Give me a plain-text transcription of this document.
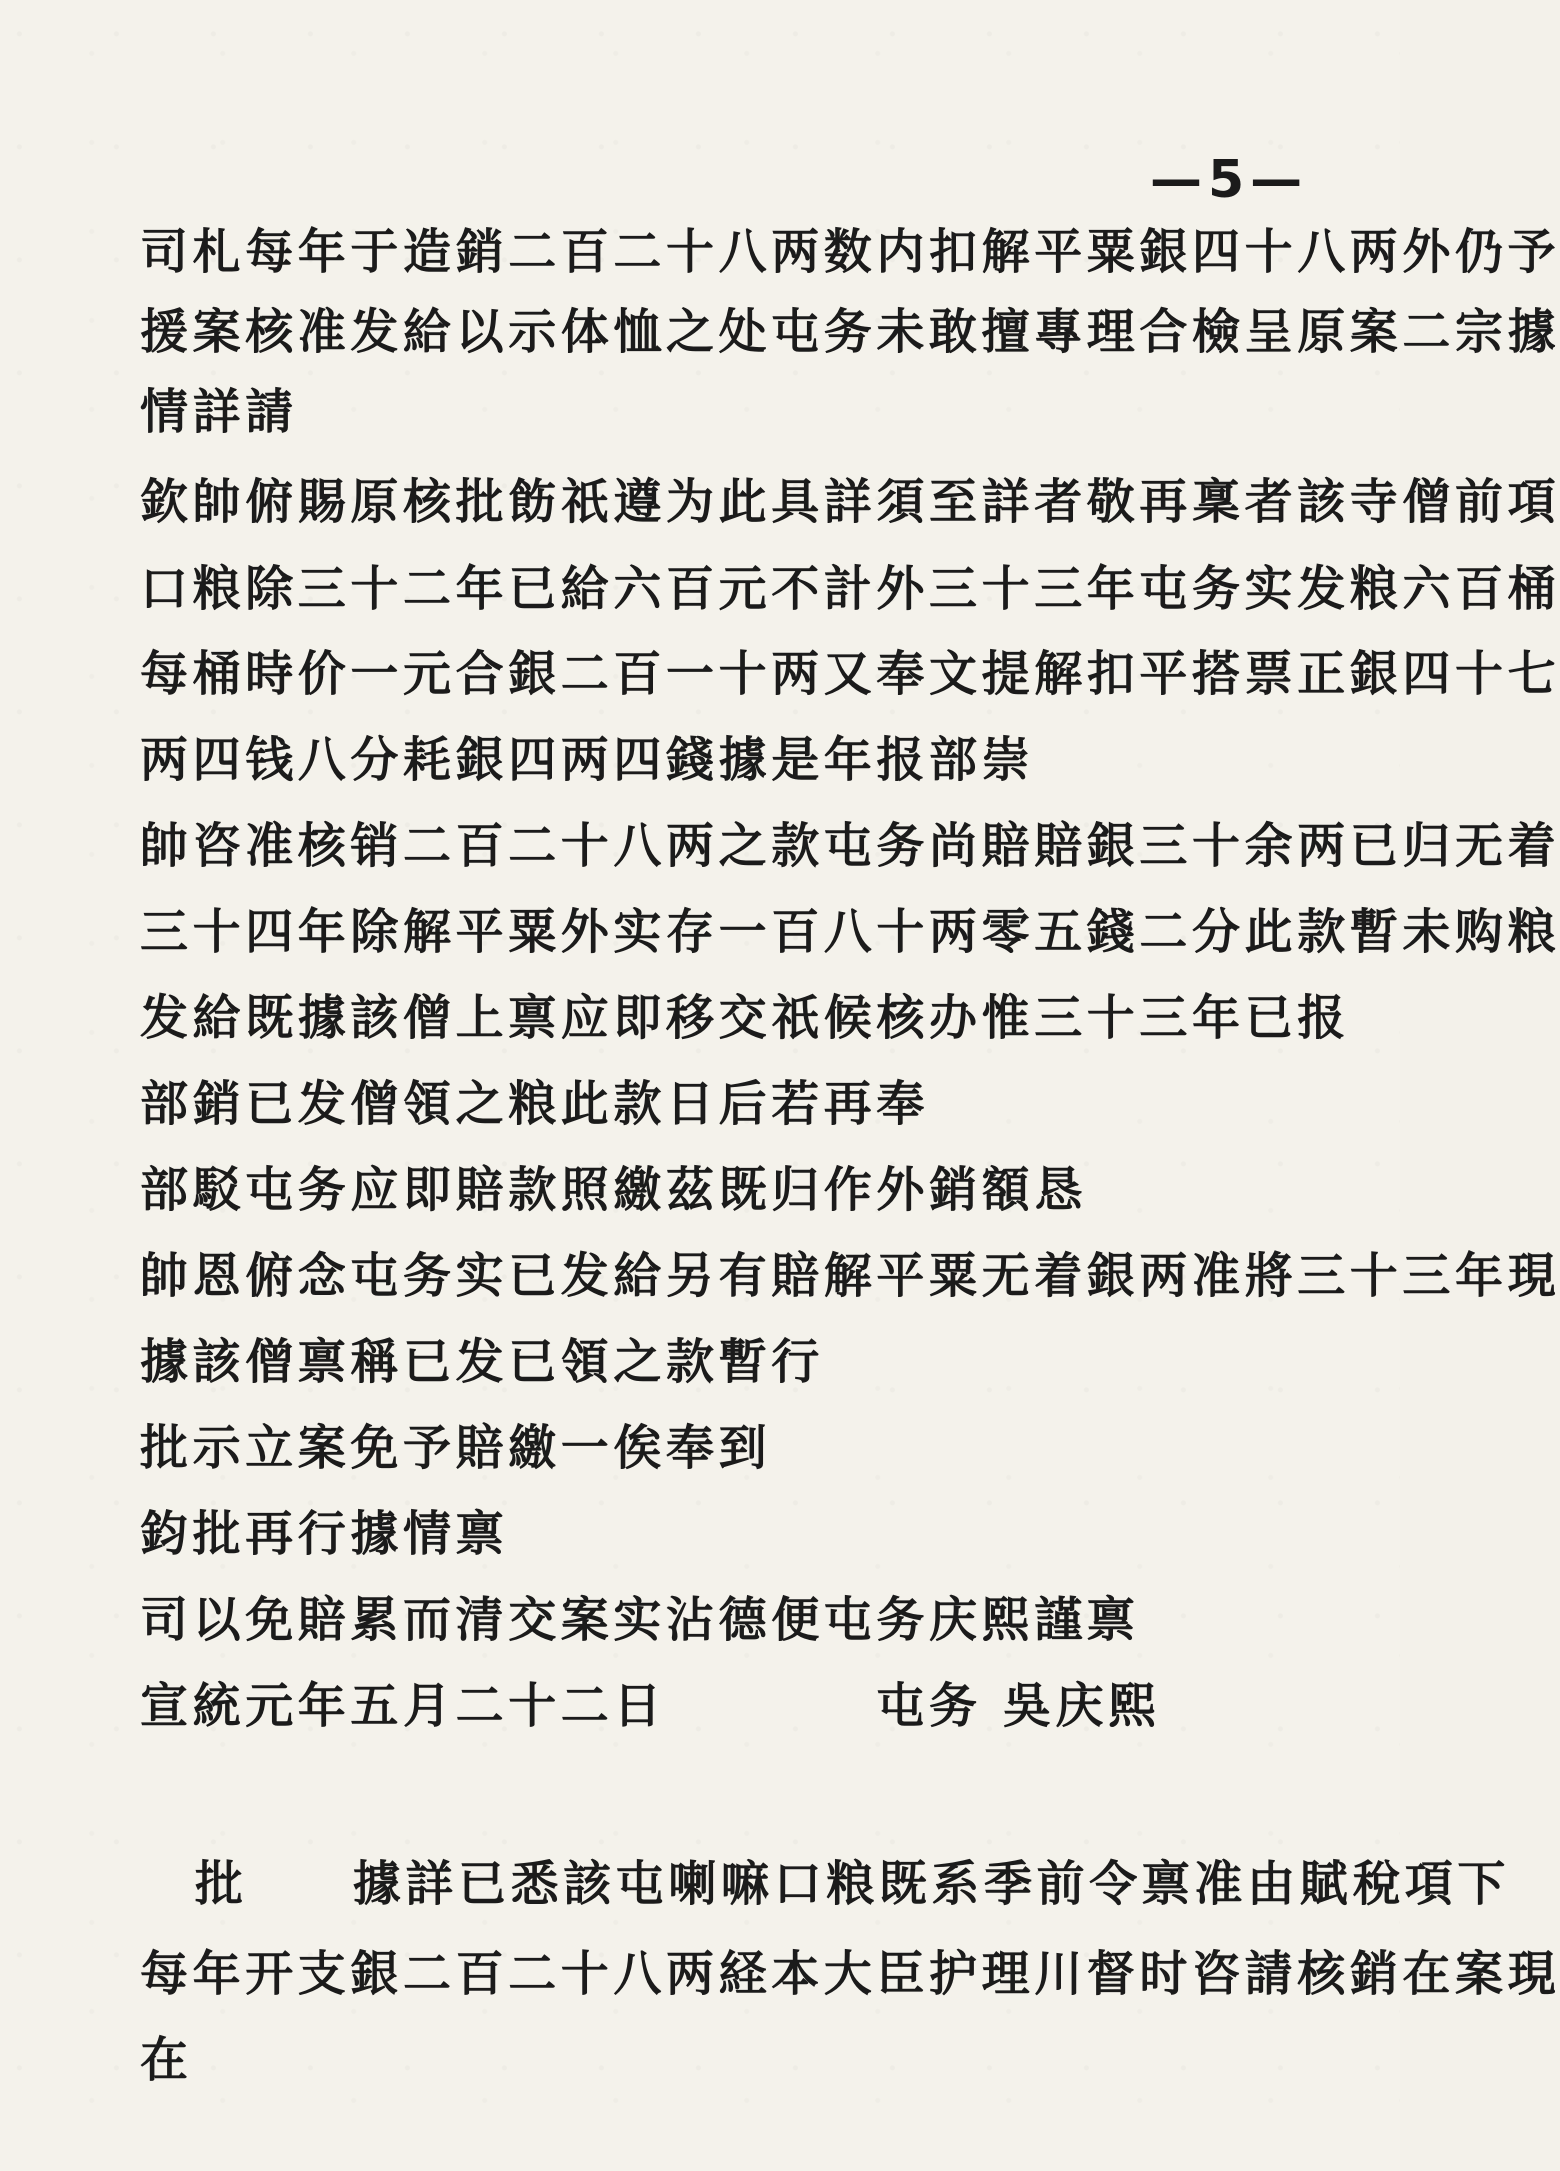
—5—
司札每年于造銷二百二十八两数内扣解平粟銀四十八两外仍予
援案核准发給以示体恤之处屯务未敢擅專理合檢呈原案二宗據
情詳請
欽帥俯賜原核批飭祇遵为此具詳須至詳者敬再稟者該寺僧前項
口粮除三十二年已給六百元不計外三十三年屯务实发粮六百桶
每桶時价一元合銀二百一十两又奉文提解扣平搭票正銀四十七
两四钱八分耗銀四两四錢據是年报部崇
帥咨准核销二百二十八两之款屯务尚賠賠銀三十余两已归无着
三十四年除解平粟外实存一百八十两零五錢二分此款暫未购粮
发給既據該僧上禀应即移交祇候核办惟三十三年已报
部銷已发僧領之粮此款日后若再奉
部駁屯务应即賠款照繳茲既归作外銷額恳
帥恩俯念屯务实已发給另有賠解平粟无着銀两准將三十三年現
據該僧禀稱已发已領之款暫行
批示立案免予賠繳一俟奉到
鈞批再行據情禀
司以免賠累而清交案实沾德便屯务庆熙謹禀
宣統元年五月二十二日　　　　屯务 吳庆熙
批　　據詳已悉該屯喇嘛口粮既系季前令禀准由賦稅項下
每年开支銀二百二十八两経本大臣护理川督时咨請核銷在案現
在
